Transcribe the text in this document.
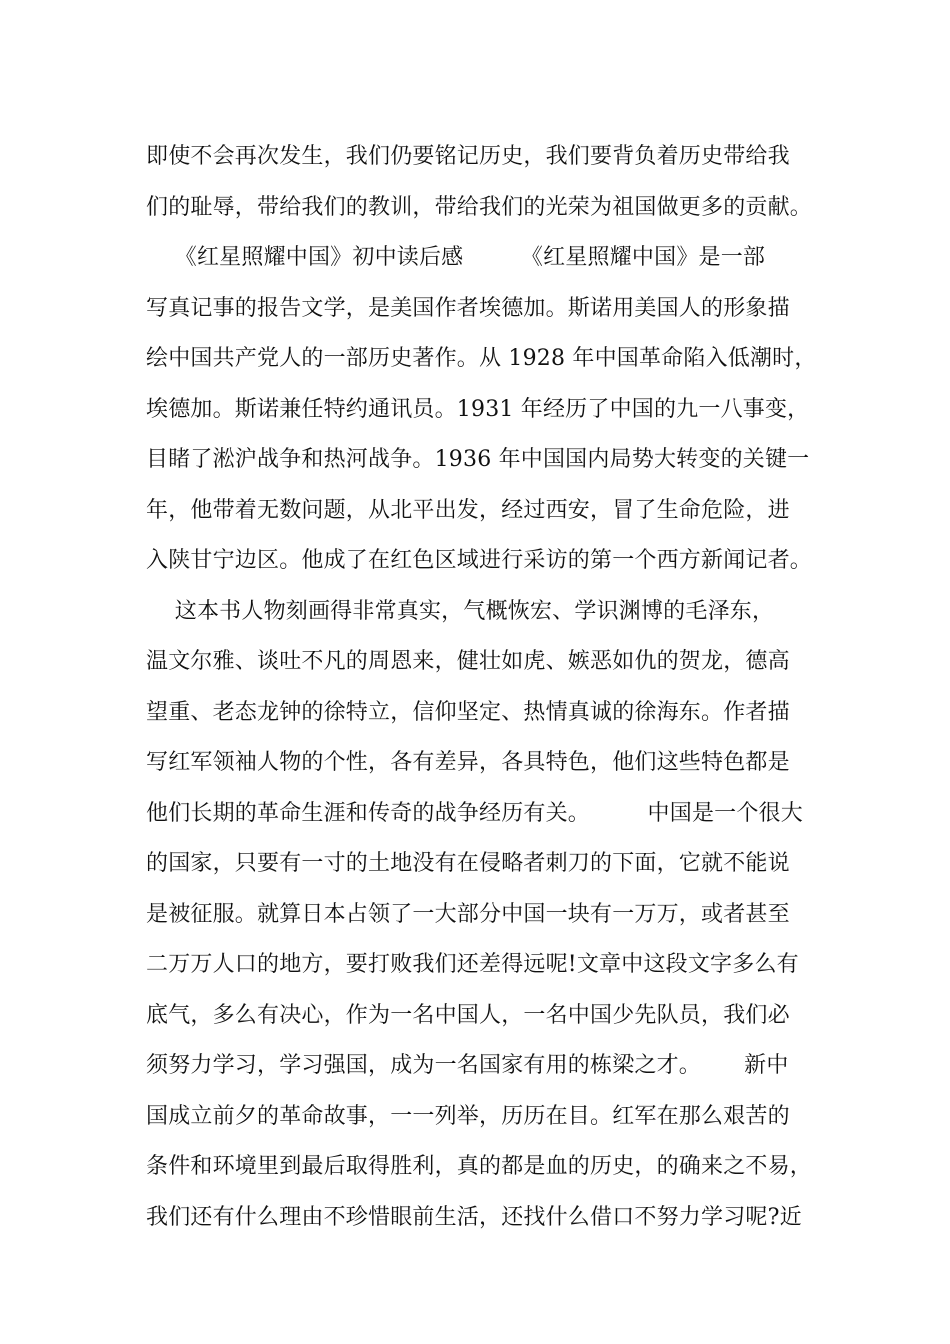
即使不会再次发生，我们仍要铭记历史，我们要背负着历史带给我
们的耻辱，带给我们的教训，带给我们的光荣为祖国做更多的贡献。
《红星照耀中国》初中读后感        《红星照耀中国》是一部
写真记事的报告文学，是美国作者埃德加。斯诺用美国人的形象描
绘中国共产党人的一部历史著作。从 1928 年中国革命陷入低潮时，
埃德加。斯诺兼任特约通讯员。1931 年经历了中国的九一八事变，
目睹了淞沪战争和热河战争。1936 年中国国内局势大转变的关键一
年，他带着无数问题，从北平出发，经过西安，冒了生命危险，进
入陕甘宁边区。他成了在红色区域进行采访的第一个西方新闻记者。
这本书人物刻画得非常真实，气概恢宏、学识渊博的毛泽东，
温文尔雅、谈吐不凡的周恩来，健壮如虎、嫉恶如仇的贺龙，德高
望重、老态龙钟的徐特立，信仰坚定、热情真诚的徐海东。作者描
写红军领袖人物的个性，各有差异，各具特色，他们这些特色都是
他们长期的革命生涯和传奇的战争经历有关。        中国是一个很大
的国家，只要有一寸的土地没有在侵略者刺刀的下面，它就不能说
是被征服。就算日本占领了一大部分中国一块有一万万，或者甚至
二万万人口的地方，要打败我们还差得远呢!文章中这段文字多么有
底气，多么有决心，作为一名中国人，一名中国少先队员，我们必
须努力学习，学习强国，成为一名国家有用的栋梁之才。      新中
国成立前夕的革命故事，一一列举，历历在目。红军在那么艰苦的
条件和环境里到最后取得胜利，真的都是血的历史，的确来之不易，
我们还有什么理由不珍惜眼前生活，还找什么借口不努力学习呢?近
